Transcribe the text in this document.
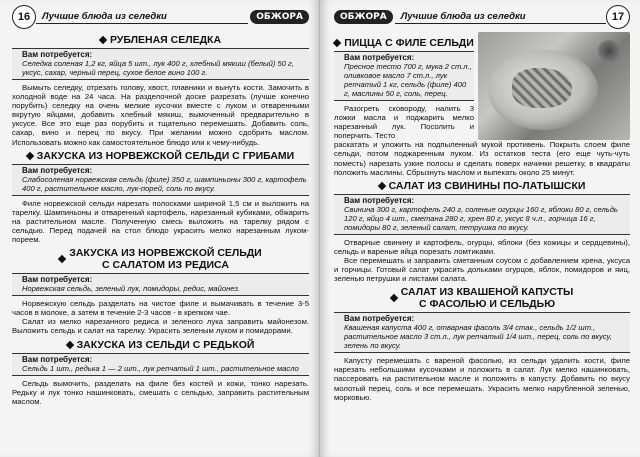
16	Лучшие блюда из селедки	ОБЖОРА
РУБЛЕНАЯ СЕЛЕДКА
Вам потребуется:
Селедка соленая 1,2 кг, яйца 5 шт., лук 400 г, хлебный мякиш (белый) 50 г, уксус, сахар, черный перец, сухое белое вино 100 г.

Вымыть селедку, отрезать голову, хвост, плавники и вынуть кости. Замочить в холодной воде на 24 часа. На разделочной доске разрезать (лучше конечно порубить) селедку на очень мелкие кусочки вместе с луком и отваренными вкрутую яйцами, добавить хлебный мякиш, вымоченный предварительно в уксусе. Все это еще раз порубить и тщательно перемешать. Добавить соль, сахар, вино и перец по вкусу. При желании можно сдобрить маслом. Использовать можно как самостоятельное блюдо или к чему-нибудь.

ЗАКУСКА ИЗ НОРВЕЖСКОЙ СЕЛЬДИ С ГРИБАМИ
Вам потребуется:
Слабосоленая норвежская сельдь (филе) 350 г, шампиньоны 300 г, картофель 400 г, растительное масло, лук-порей, соль по вкусу.

Филе норвежской сельди нарезать полосками шириной 1,5 см и выложить на тарелку. Шампиньоны и отваренный картофель, нарезанный кубиками, обжарить на растительном масле. Полученную смесь выложить на тарелку рядом с сельдью. Перед подачей на стол блюдо украсить мелко нарезанным луком-пореем.

ЗАКУСКА ИЗ НОРВЕЖСКОЙ СЕЛЬДИ
С САЛАТОМ ИЗ РЕДИСА
Вам потребуется:
Норвежская сельдь, зеленый лук, помидоры, редис, майонез.

Норвежскую сельдь разделать на чистое филе и вымачивать в течение 3-5 часов в молоке, а затем в течение 2-3 часов - в крепком чае.

Салат из мелко нарезанного редиса и зеленого лука заправить майонезом. Выложить сельдь и салат на тарелку. Украсить зеленым луком и помидорами.

ЗАКУСКА ИЗ СЕЛЬДИ С РЕДЬКОЙ
Вам потребуется:
Сельдь 1 шт., редька 1 — 2 шт., лук репчатый 1 шт., растительное масло

Сельдь вымочить, разделать на филе без костей и кожи, тонко нарезать. Редьку и лук тонко нашинковать, смешать с сельдью, заправить растительным маслом.

ОБЖОРА	Лучшие блюда из селедки	17
ПИЦЦА С ФИЛЕ СЕЛЬДИ
Вам потребуется:
Пресное тесто 700 г, мука 2 ст.л., оливковое масло 7 ст.л., лук репчатый 1 кг, сельдь (филе) 400 г, маслины 50 г, соль, перец.

Разогреть сковороду, налить 3 ложки масла и поджарить мелко нарезанный лук. Посолить и поперчить. Тесто

раскатать и уложить на подпыленный мукой противень. Покрыть слоем филе сельди, потом поджаренным луком. Из остатков теста (его еще чуть-чуть поместь) нарезать узкие полосы и сделать поверх начинки решетку, в квадраты положить маслины. Сбрызнуть маслом и выпекать около 25 минут.

САЛАТ ИЗ СВИНИНЫ ПО-ЛАТЫШСКИ
Вам потребуется:
Свинина 300 г, картофель 240 г, соленые огурцы 160 г, яблоки 80 г, сельдь 120 г, яйцо 4 шт., сметана 280 г, хрен 80 г, уксус 8 ч.л., горчица 16 г, помидоры 80 г, зеленый салат, петрушка по вкусу.

Отварные свинину и картофель, огурцы, яблоки (без кожицы и сердцевины), сельдь и вареные яйца порезать ломтиками.

Все перемешать и заправить сметанным соусом с добавлением хрена, уксуса и горчицы. Готовый салат украсить дольками огурцов, яблок, помидоров и яиц, зеленью петрушки и листами салата.

САЛАТ ИЗ КВАШЕНОЙ КАПУСТЫ
С ФАСОЛЬЮ И СЕЛЬДЬЮ
Вам потребуется:
Квашеная капуста 400 г, отварная фасоль 3/4 стак., сельдь 1/2 шт., растительное масло 3 ст.л., лук репчатый 1/4 шт., перец, соль по вкусу, зелень по вкусу.

Капусту перемешать с вареной фасолью, из сельди удалить кости, филе нарезать небольшими кусочками и положить в салат. Лук мелко нашинковать, пассеровать на растительном масле и положить в капусту. Добавить по вкусу молотый перец, соль и все перемешать. Украсить мелко нарубленной зеленью, морковью.
